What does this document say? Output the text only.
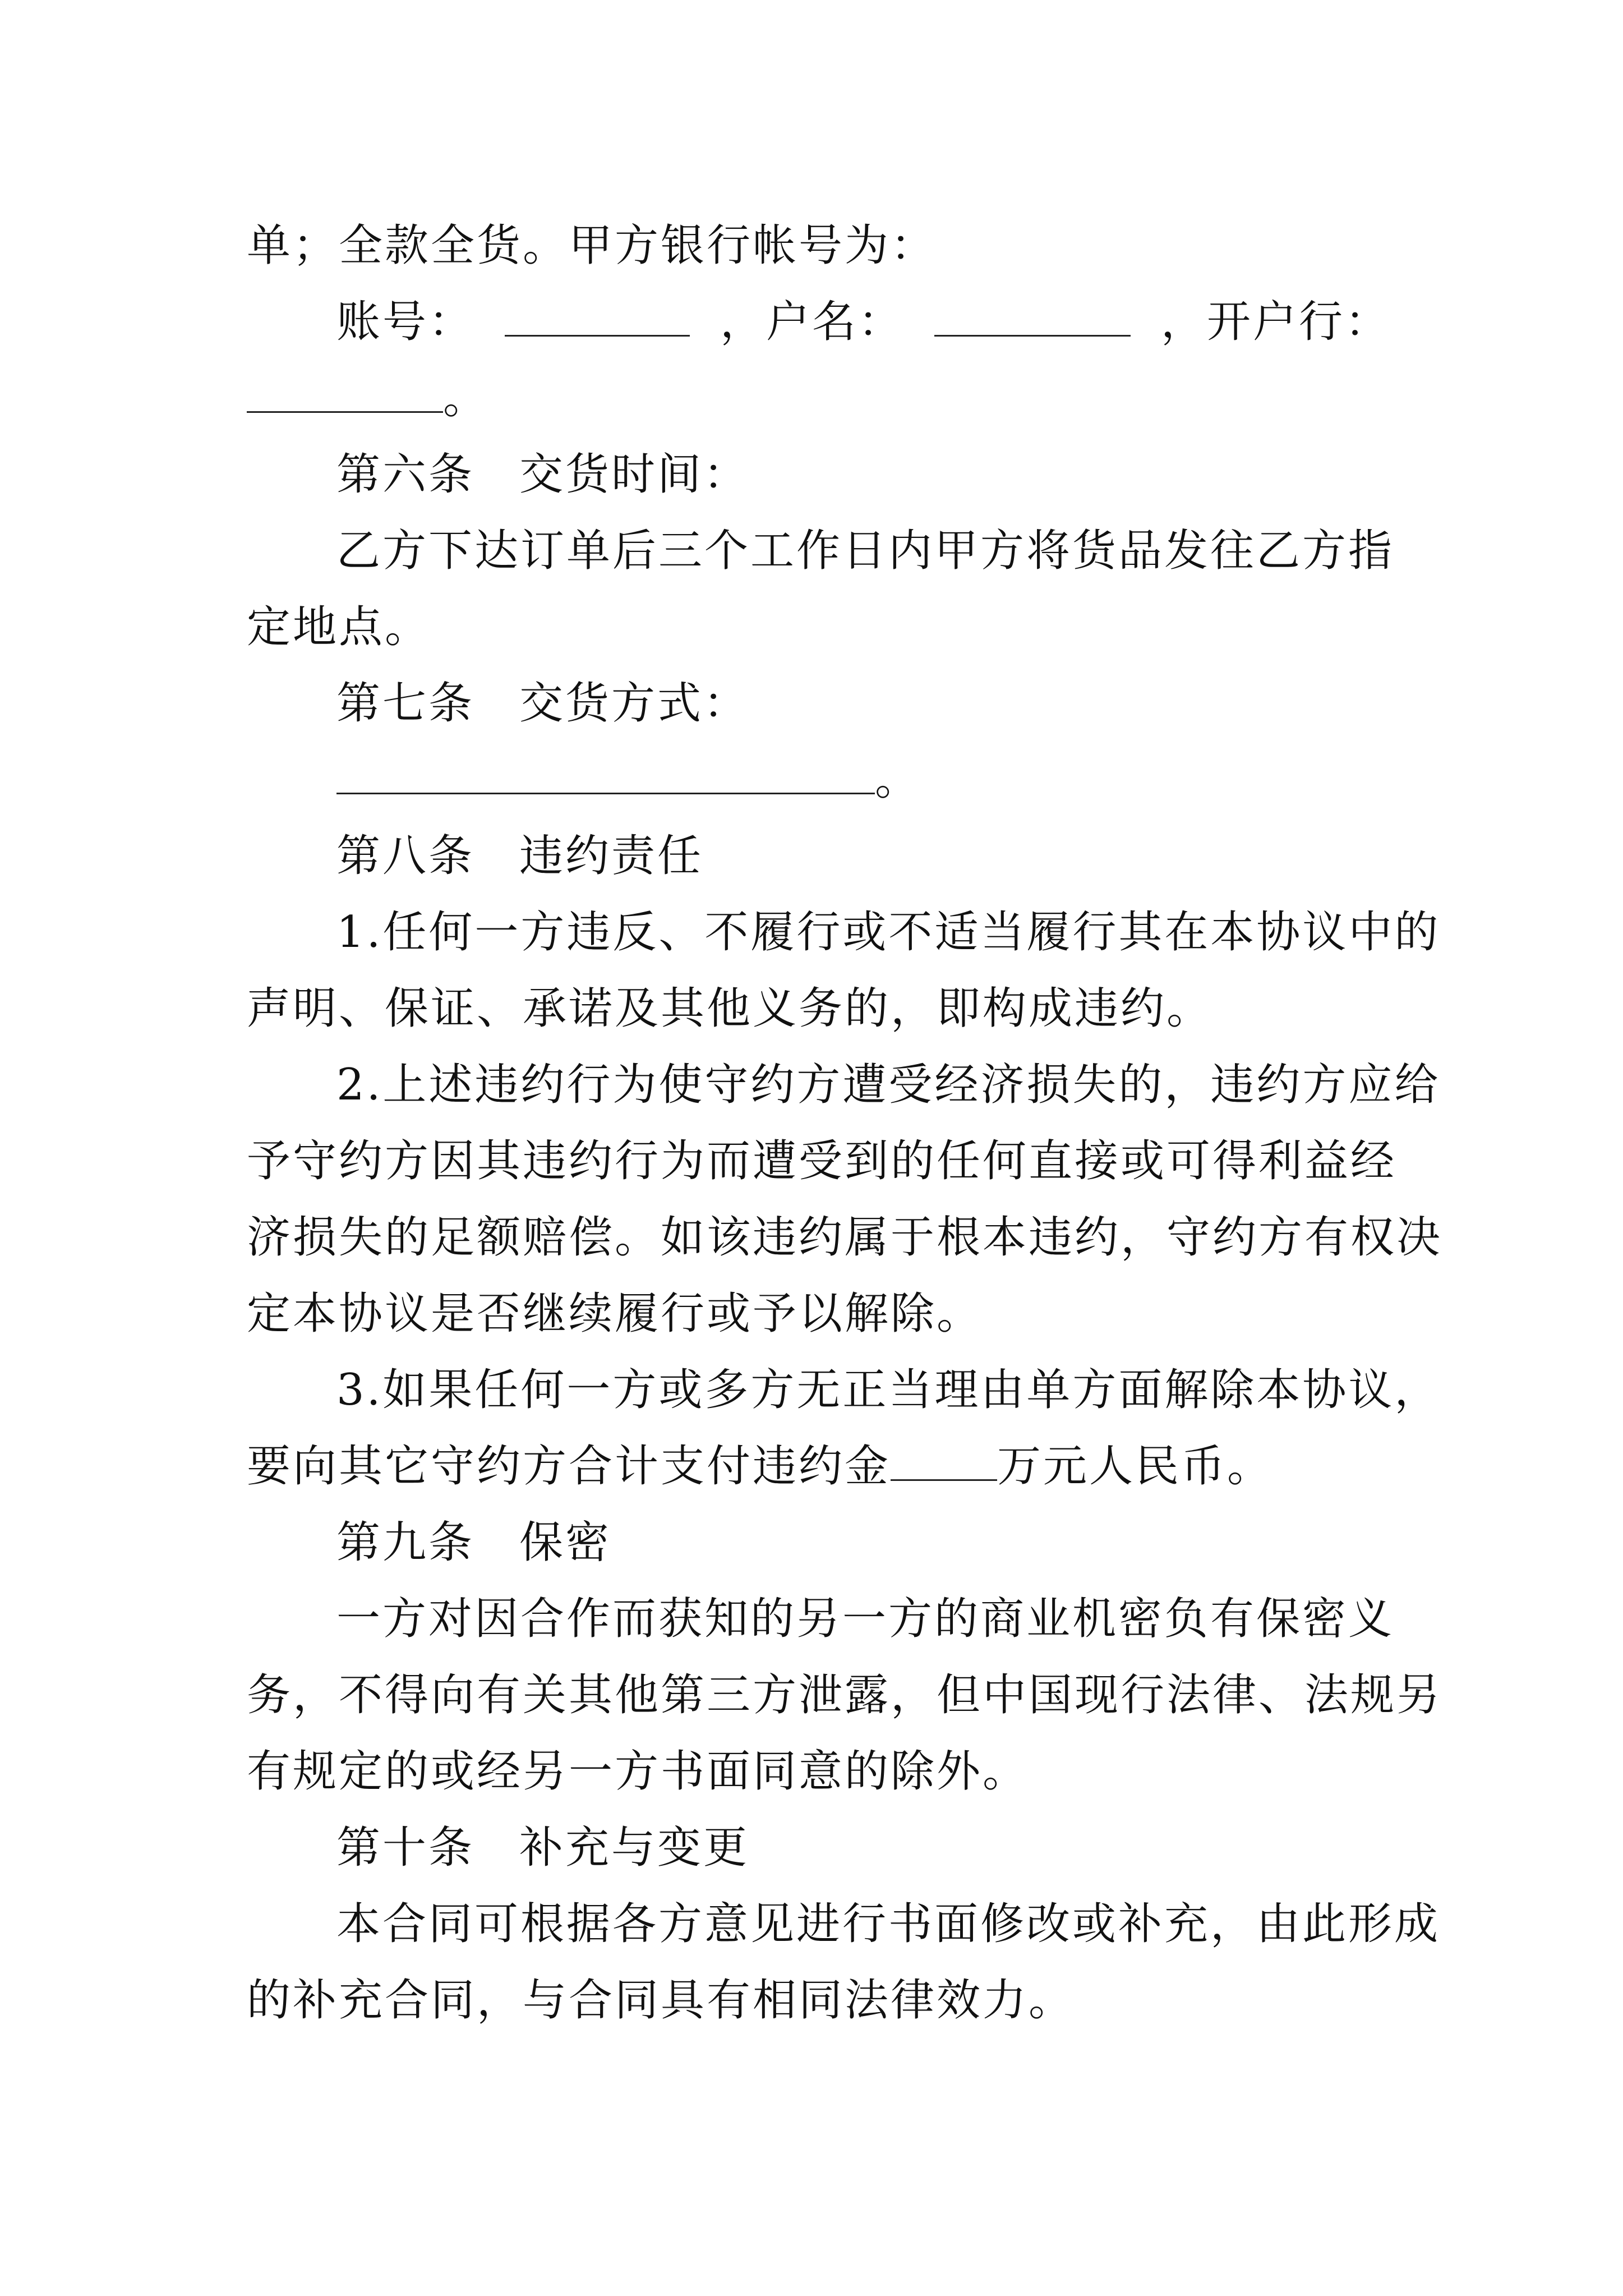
单；全款全货。甲方银行帐号为：
账号：	，户名：	，开户行：
。
第六条 交货时间：
乙方下达订单后三个工作日内甲方将货品发往乙方指
定地点。
第七条 交货方式：
。
第八条 违约责任
1.任何一方违反、不履行或不适当履行其在本协议中的
声明、保证、承诺及其他义务的，即构成违约。
2.上述违约行为使守约方遭受经济损失的，违约方应给
予守约方因其违约行为而遭受到的任何直接或可得利益经
济损失的足额赔偿。如该违约属于根本违约，守约方有权决
定本协议是否继续履行或予以解除。
3.如果任何一方或多方无正当理由单方面解除本协议，
要向其它守约方合计支付违约金 万元人民币。
第九条 保密
一方对因合作而获知的另一方的商业机密负有保密义
务，不得向有关其他第三方泄露，但中国现行法律、法规另
有规定的或经另一方书面同意的除外。
第十条 补充与变更
本合同可根据各方意见进行书面修改或补充，由此形成
的补充合同，与合同具有相同法律效力。
